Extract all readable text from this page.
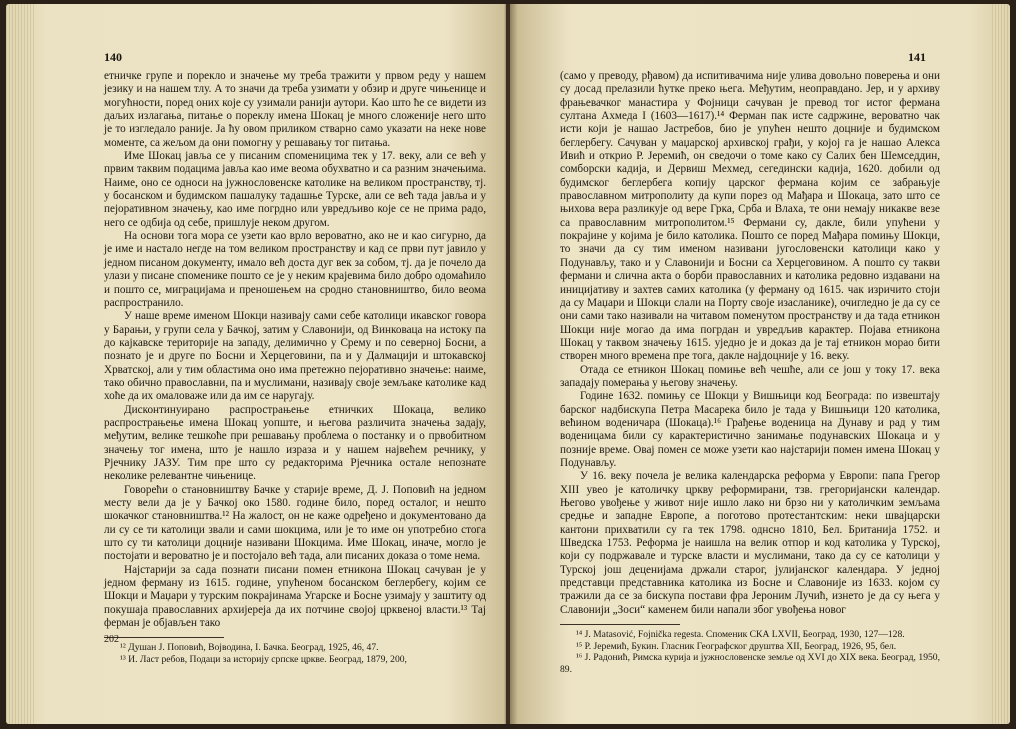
140

етничке групе и порекло и значење му треба тражити у првом реду у нашем језику и на нашем тлу. А то значи да треба узимати у обзир и друге чињенице и могућности, поред оних које су узимали ранији аутори. Као што ће се видети из даљих излагања, питање о пореклу имена Шокац је много сложеније него што је то изгледало раније. Ја ћу овом приликом стварно само указати на неке нове моменте, са жељом да они помогну у решавању тог питања.

Име Шокац јавља се у писаним споменицима тек у 17. веку, али се већ у првим таквим подацима јавља као име веома обухватно и са разним значењима. Наиме, оно се односи на јужнословенске католике на великом пространству, тј. у босанском и будимском пашалуку тадашње Турске, али се већ тада јавља и у пејоративном значењу, као име погрдно или увредљиво које се не прима радо, него се одбија од себе, пришлује неком другом.

На основи тога мора се узети као врло вероватно, ако не и као сигурно, да је име и настало негде на том великом пространству и кад се први пут јавило у једном писаном документу, имало већ доста дуг век за собом, тј. да је почело да улази у писане споменике пошто се је у неким крајевима било добро одомаћило и пошто се, миграцијама и преношењем на сродно становништво, било веома распространило.

У наше време именом Шокци називају сами себе католици икавског говора у Барањи, у групи села у Бачкој, затим у Славонији, од Винковаца на истоку па до кајкавске територије на западу, делимично у Срему и по северној Босни, а познато је и друге по Босни и Херцеговини, па и у Далмацији и штокавској Хрватској, али у тим областима оно има претежно пејоративно значење: наиме, тако обично православни, па и муслимани, називају своје земљаке католике кад хоће да их омаловаже или да им се наругају.

Дисконтинуирано распрострањење етничких Шокаца, велико распрострањење имена Шокац уопште, и његова различита значења задају, међутим, велике тешкоће при решавању проблема о постанку и о првобитном значењу тог имена, што је нашло израза и у нашем највећем речнику, у Рјечнику ЈАЗУ. Тим пре што су редакторима Рјечника остале непознате неколике релевантне чињенице.

Говорећи о становништву Бачке у старије време, Д. Ј. Поповић на једном месту вели да је у Бачкој око 1580. године било, поред осталог, и нешто шокачког становништва.¹² На жалост, он не каже одређено и документовано да ли су се ти католици звали и сами шокцима, или је то име он употребио стога што су ти католици доцније називани Шокцима. Име Шокац, иначе, могло је постојати и вероватно је и постојало већ тада, али писаних доказа о томе нема.

Најстарији за сада познати писани помен етникона Шокац сачуван је у једном ферману из 1615. године, упућеном босанском беглербегу, којим се Шокци и Маџари у турским покрајинама Угарске и Босне узимају у заштиту од покушаја православних архијереја да их потчине својој црквеној власти.¹³ Тај ферман је објављен тако

¹² Душан Ј. Поповић, Војводина, I. Бачка. Београд, 1925, 46, 47.

¹³ И. Ласт ребов, Подаци за историју српске цркве. Београд, 1879, 200,

202
141

(само у преводу, рђавом) да испитивачима није улива довољно поверења и они су досад прелазили ћутке преко њега. Међутим, неоправдано. Јер, и у архиву фрањевачког манастира у Фојници сачуван је превод тог истог фермана султана Ахмеда I (1603—1617).¹⁴ Ферман пак исте садржине, вероватно чак исти који је нашао Јастребов, био је упућен нешто доцније и будимском беглербегу. Сачуван у маџарској архивској грађи, у којој га је нашао Алекса Ивић и открио Р. Јеремић, он сведочи о томе како су Салих бен Шемседдин, сомборски кадија, и Дервиш Мехмед, сегедински кадија, 1620. добили од будимског беглербега копију царског фермана којим се забрањује православном митрополиту да купи порез од Мађара и Шокаца, зато што се њихова вера разликује од вере Грка, Срба и Влаха, те они немају никакве везе са православним митрополитом.¹⁵ Фермани су, дакле, били упућени у покрајине у којима је било католика. Пошто се поред Мађара помињу Шокци, то значи да су тим именом називани југословенски католици како у Подунављу, тако и у Славонији и Босни са Херцеговином. А пошто су такви фермани и слична акта о борби православних и католика редовно издавани на иницијативу и захтев самих католика (у ферману од 1615. чак изричито стоји да су Маџари и Шокци слали на Порту своје изасланике), очигледно је да су се они сами тако називали на читавом поменутом пространству и да тада етникон Шокци није могао да има погрдан и увредљив карактер. Појава етникона Шокац у таквом значењу 1615. уједно је и доказ да је тај етникон морао бити створен много времена пре тога, дакле најдоцније у 16. веку.

Отада се етникон Шокац помиње већ чешће, али се још у току 17. века западају померања у његову значењу.

Године 1632. помињу се Шокци у Вишњици код Београда: по извештају барског надбискупа Петра Масарека било је тада у Вишњици 120 католика, већином воденичара (Шокаца).¹⁶ Грађење воденица на Дунаву и рад у тим воденицама били су карактеристично занимање подунавских Шокаца и у познијe време. Овај помен се може узети као најстарији помен имена Шокац у Подунављу.

У 16. веку почела је велика календарска реформа у Европи: папа Грегор XIII увео је католичку цркву реформирани, тзв. грегоријански календар. Његово увођење у живот није ишло лако ни брзо ни у католичким земљама средње и западне Европе, а поготово протестантским: неки швајцарски кантони прихватили су га тек 1798. однсно 1810, Бел. Британија 1752. и Шведска 1753. Реформа је наишла на велик отпор и код католика у Турској, који су подржавале и турске власти и муслимани, тако да су се католици у Турској још деценијама држали старог, јулијанског календара. У једној представци представника католика из Босне и Славоније из 1633. којом су тражили да се за бискупа постави фра Јероним Лучић, изнето је да су њега у Славонији „Зоси“ каменем били напали због увођења новог

¹⁴ J. Matasović, Fojnička regesta. Споменик СКА LXVII, Београд, 1930, 127—128.

¹⁵ Р. Јеремић, Букин. Гласник Географског друштва XII, Београд, 1926, 95, бел.

¹⁶ J. Радонић, Римска курија и јужнословенске земље од XVI до XIX века. Београд, 1950, 89.
